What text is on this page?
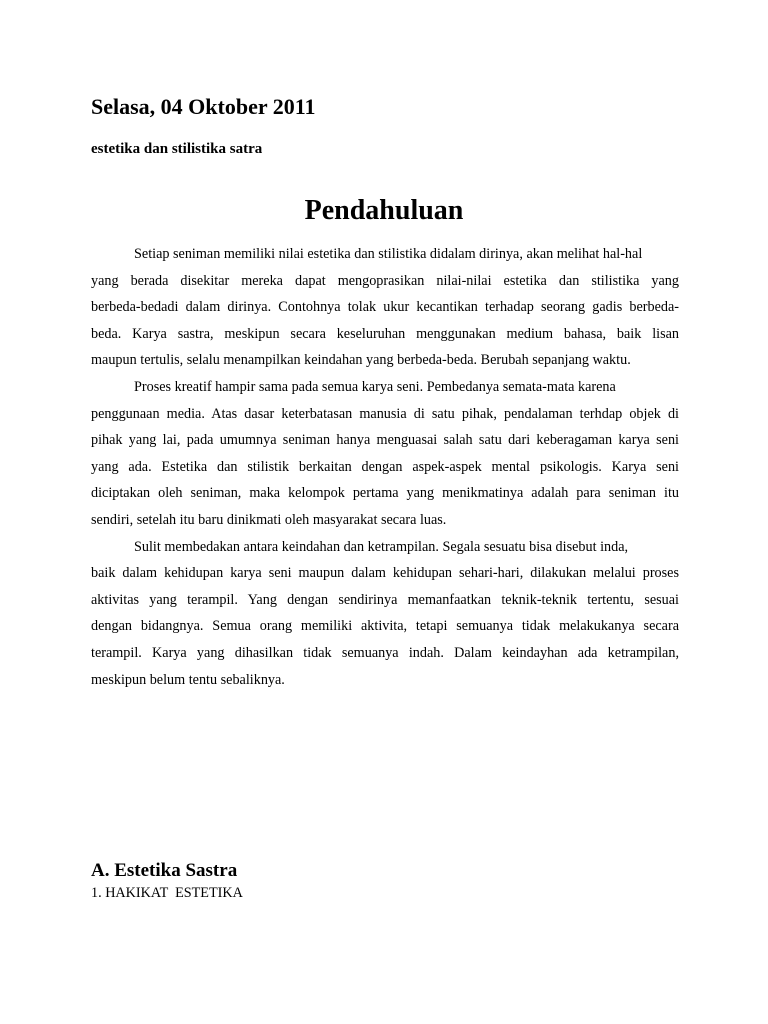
Selasa, 04 Oktober 2011
estetika dan stilistika satra
Pendahuluan

Setiap seniman memiliki nilai estetika dan stilistika didalam dirinya, akan melihat hal-hal
yang berada disekitar mereka dapat mengoprasikan nilai-nilai estetika dan stilistika yang
berbeda-bedadi dalam dirinya. Contohnya tolak ukur kecantikan terhadap seorang gadis berbeda-
beda. Karya sastra, meskipun secara keseluruhan menggunakan medium bahasa, baik lisan
maupun tertulis, selalu menampilkan keindahan yang berbeda-beda. Berubah sepanjang waktu.

Proses kreatif hampir sama pada semua karya seni. Pembedanya semata-mata karena
penggunaan media. Atas dasar keterbatasan manusia di satu pihak, pendalaman terhdap objek di
pihak yang lai, pada umumnya seniman hanya menguasai salah satu dari keberagaman karya seni
yang ada. Estetika dan stilistik berkaitan dengan aspek-aspek mental psikologis. Karya seni
diciptakan oleh seniman, maka kelompok pertama yang menikmatinya adalah para seniman itu
sendiri, setelah itu baru dinikmati oleh masyarakat secara luas.

Sulit membedakan antara keindahan dan ketrampilan. Segala sesuatu bisa disebut inda,
baik dalam kehidupan karya seni maupun dalam kehidupan sehari-hari, dilakukan melalui proses
aktivitas yang terampil. Yang dengan sendirinya memanfaatkan teknik-teknik tertentu, sesuai
dengan bidangnya. Semua orang memiliki aktivita, tetapi semuanya tidak melakukanya secara
terampil. Karya yang dihasilkan tidak semuanya indah. Dalam keindayhan ada ketrampilan,
meskipun belum tentu sebaliknya.

A. Estetika Sastra

1. HAKIKAT  ESTETIKA
